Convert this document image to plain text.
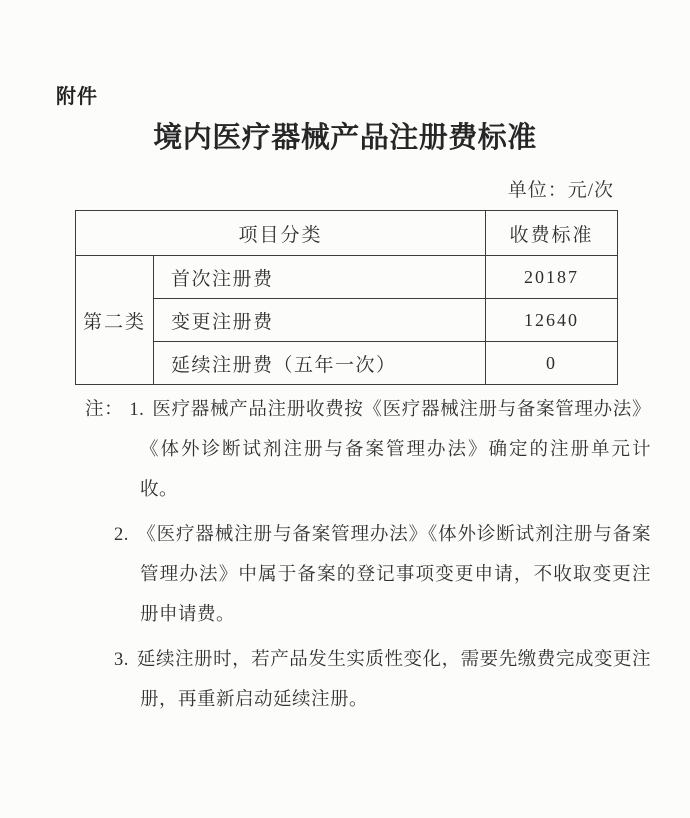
附件
境内医疗器械产品注册费标准
单位：元/次
项目分类		收费标准
第二类	首次注册费	20187
	变更注册费	12640
	延续注册费（五年一次）	0
注： 1. 医疗器械产品注册收费按《医疗器械注册与备案管理办法》《体外诊断试剂注册与备案管理办法》确定的注册单元计收。
2. 《医疗器械注册与备案管理办法》《体外诊断试剂注册与备案管理办法》中属于备案的登记事项变更申请，不收取变更注册申请费。
3. 延续注册时，若产品发生实质性变化，需要先缴费完成变更注册，再重新启动延续注册。
